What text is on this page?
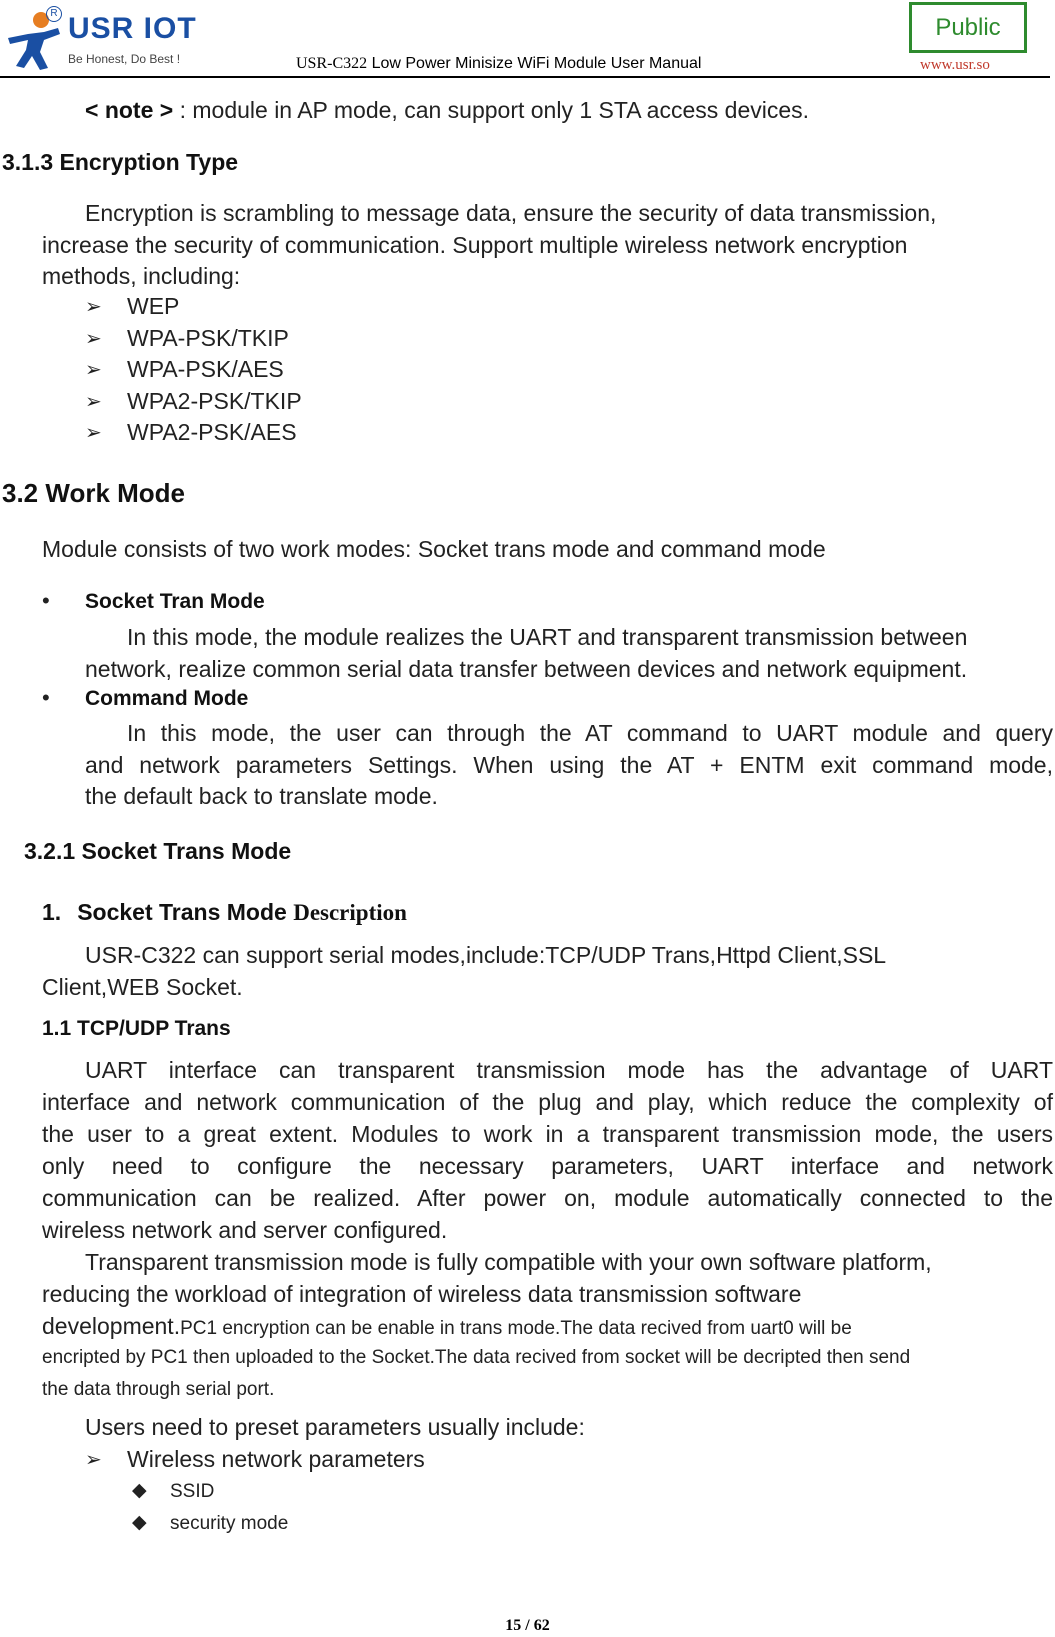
R USR IOT
Be Honest, Do Best !	USR-C322 Low Power Minisize WiFi Module User Manual
Public
www.usr.so
< note > : module in AP mode, can support only 1 STA access devices.
3.1.3 Encryption Type
Encryption is scrambling to message data, ensure the security of data transmission,
increase the security of communication. Support multiple wireless network encryption
methods, including:
➢ WEP
➢ WPA-PSK/TKIP
➢ WPA-PSK/AES
➢ WPA2-PSK/TKIP
➢ WPA2-PSK/AES
3.2 Work Mode
Module consists of two work modes: Socket trans mode and command mode
• Socket Tran Mode
In this mode, the module realizes the UART and transparent transmission between
network, realize common serial data transfer between devices and network equipment.
• Command Mode
In this mode, the user can through the AT command to UART module and query
and network parameters Settings. When using the AT + ENTM exit command mode,
the default back to translate mode.
3.2.1 Socket Trans Mode
1. Socket Trans Mode Description
USR-C322 can support serial modes,include:TCP/UDP Trans,Httpd Client,SSL
Client,WEB Socket.
1.1 TCP/UDP Trans
UART interface can transparent transmission mode has the advantage of UART
interface and network communication of the plug and play, which reduce the complexity of
the user to a great extent. Modules to work in a transparent transmission mode, the users
only need to configure the necessary parameters, UART interface and network
communication can be realized. After power on, module automatically connected to the
wireless network and server configured.
Transparent transmission mode is fully compatible with your own software platform,
reducing the workload of integration of wireless data transmission software
development.PC1 encryption can be enable in trans mode.The data recived from uart0 will be
encripted by PC1 then uploaded to the Socket.The data recived from socket will be decripted then send
the data through serial port.
Users need to preset parameters usually include:
➢ Wireless network parameters
◆ SSID
◆ security mode
15 / 62
